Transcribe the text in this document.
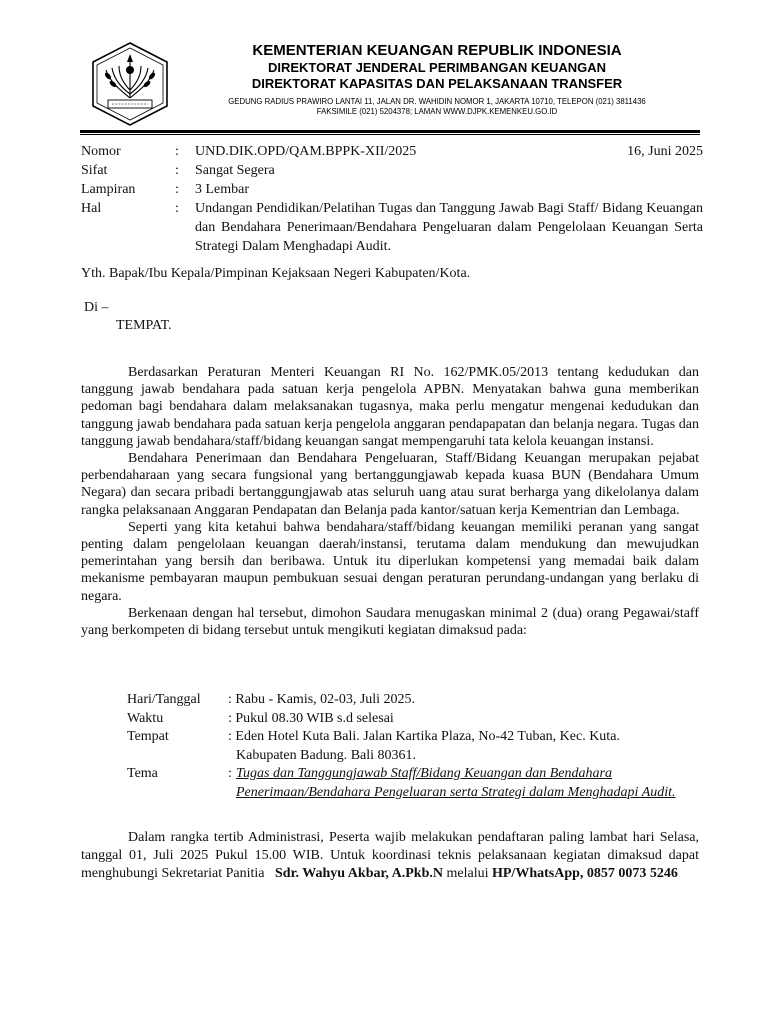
KEMENTERIAN KEUANGAN REPUBLIK INDONESIA
DIREKTORAT JENDERAL PERIMBANGAN KEUANGAN
DIREKTORAT KAPASITAS DAN PELAKSANAAN TRANSFER
GEDUNG RADIUS PRAWIRO LANTAI 11, JALAN DR. WAHIDIN NOMOR 1, JAKARTA 10710, TELEPON (021) 3811436
FAKSIMILE (021) 5204378; LAMAN WWW.DJPK.KEMENKEU.GO.ID
Nomor	:	UND.DIK.OPD/QAM.BPPK-XII/2025	16, Juni 2025
Sifat	:	Sangat Segera
Lampiran	:	3 Lembar
Hal	:	Undangan Pendidikan/Pelatihan Tugas dan Tanggung Jawab Bagi Staff/ Bidang Keuangan dan Bendahara Penerimaan/Bendahara Pengeluaran dalam Pengelolaan Keuangan Serta Strategi Dalam Menghadapi Audit.
Yth. Bapak/Ibu Kepala/Pimpinan Kejaksaan Negeri Kabupaten/Kota.
Di –
TEMPAT.

Berdasarkan Peraturan Menteri Keuangan RI No. 162/PMK.05/2013 tentang kedudukan dan tanggung jawab bendahara pada satuan kerja pengelola APBN. Menyatakan bahwa guna memberikan pedoman bagi bendahara dalam melaksanakan tugasnya, maka perlu mengatur mengenai kedudukan dan tanggung jawab bendahara pada satuan kerja pengelola anggaran pendapapatan dan belanja negara. Tugas dan tanggung jawab bendahara/staff/bidang keuangan sangat mempengaruhi tata kelola keuangan instansi.

Bendahara Penerimaan dan Bendahara Pengeluaran, Staff/Bidang Keuangan merupakan pejabat perbendaharaan yang secara fungsional yang bertanggungjawab kepada kuasa BUN (Bendahara Umum Negara) dan secara pribadi bertanggungjawab atas seluruh uang atau surat berharga yang dikelolanya dalam rangka pelaksanaan Anggaran Pendapatan dan Belanja pada kantor/satuan kerja Kementrian dan Lembaga.

Seperti yang kita ketahui bahwa bendahara/staff/bidang keuangan memiliki peranan yang sangat penting dalam pengelolaan keuangan daerah/instansi, terutama dalam mendukung dan mewujudkan pemerintahan yang bersih dan beribawa. Untuk itu diperlukan kompetensi yang memadai baik dalam mekanisme pembayaran maupun pembukuan sesuai dengan peraturan perundang-undangan yang berlaku di negara.

Berkenaan dengan hal tersebut, dimohon Saudara menugaskan minimal 2 (dua) orang Pegawai/staff yang berkompeten di bidang tersebut untuk mengikuti kegiatan dimaksud pada:

Hari/Tanggal	: Rabu - Kamis, 02-03, Juli 2025.
Waktu	: Pukul 08.30 WIB s.d selesai
Tempat	: Eden Hotel Kuta Bali. Jalan Kartika Plaza, No-42 Tuban, Kec. Kuta.
Kabupaten Badung. Bali 80361.
Tema	: Tugas dan Tanggungjawab Staff/Bidang Keuangan dan Bendahara Penerimaan/Bendahara Pengeluaran serta Strategi dalam Menghadapi Audit.

Dalam rangka tertib Administrasi, Peserta wajib melakukan pendaftaran paling lambat hari Selasa, tanggal 01, Juli 2025 Pukul 15.00 WIB. Untuk koordinasi teknis pelaksanaan kegiatan dimaksud dapat menghubungi Sekretariat Panitia Sdr. Wahyu Akbar, A.Pkb.N melalui HP/WhatsApp, 0857 0073 5246
